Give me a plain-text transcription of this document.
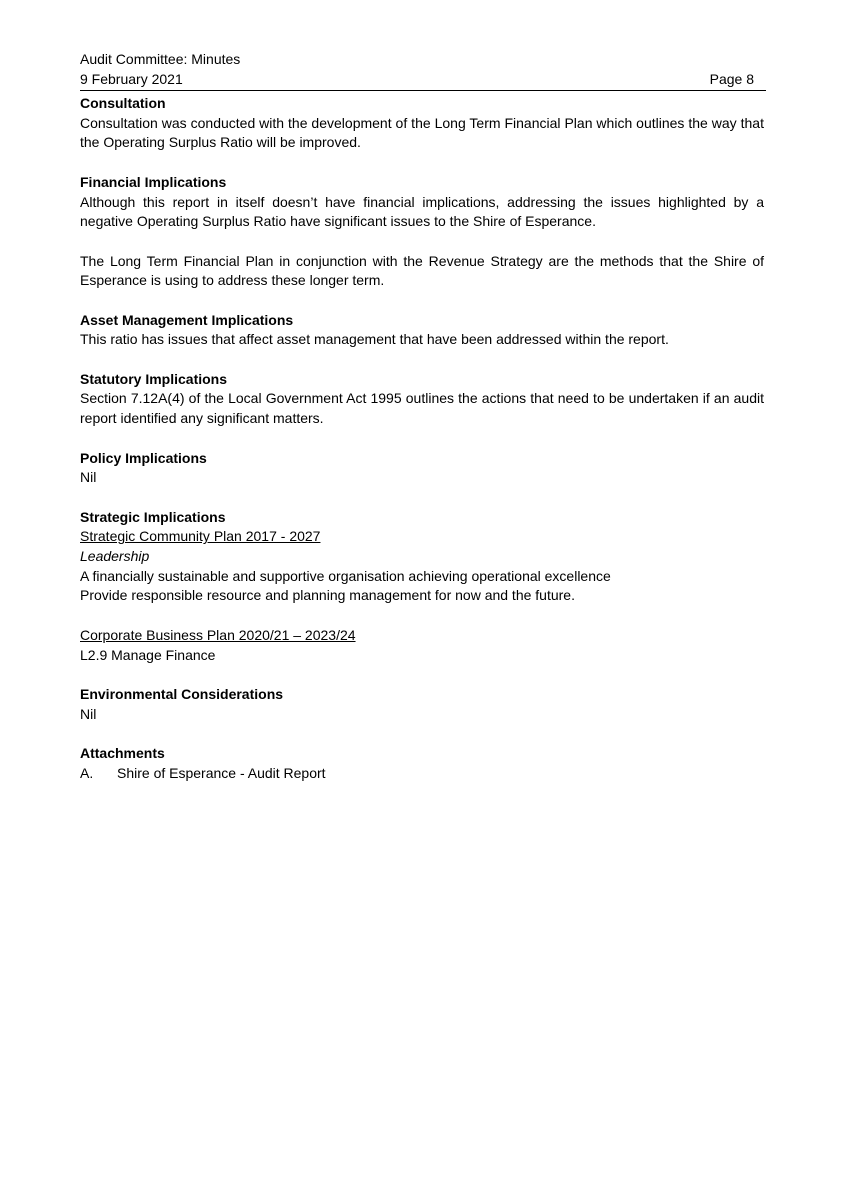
Audit Committee: Minutes
9 February 2021	Page 8
Consultation
Consultation was conducted with the development of the Long Term Financial Plan which outlines the way that the Operating Surplus Ratio will be improved.
Financial Implications
Although this report in itself doesn’t have financial implications, addressing the issues highlighted by a negative Operating Surplus Ratio have significant issues to the Shire of Esperance.
The Long Term Financial Plan in conjunction with the Revenue Strategy are the methods that the Shire of Esperance is using to address these longer term.
Asset Management Implications
This ratio has issues that affect asset management that have been addressed within the report.
Statutory Implications
Section 7.12A(4) of the Local Government Act 1995 outlines the actions that need to be undertaken if an audit report identified any significant matters.
Policy Implications
Nil
Strategic Implications
Strategic Community Plan 2017 - 2027
Leadership
A financially sustainable and supportive organisation achieving operational excellence
Provide responsible resource and planning management for now and the future.
Corporate Business Plan 2020/21 – 2023/24
L2.9 Manage Finance
Environmental Considerations
Nil
Attachments
A.	Shire of Esperance - Audit Report
